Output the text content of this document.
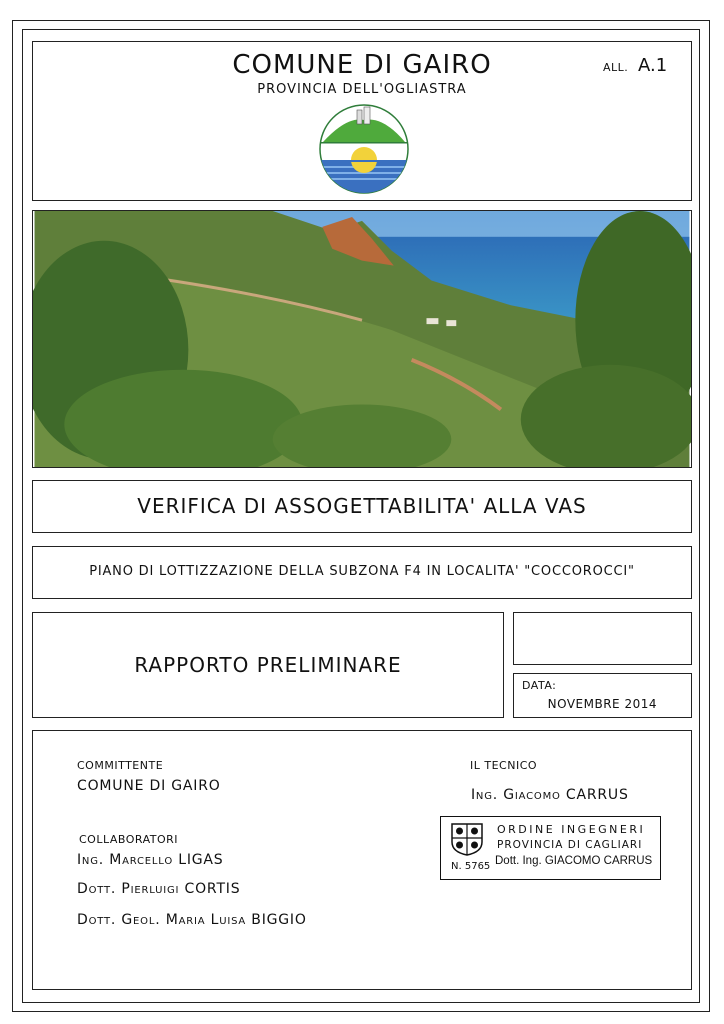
COMUNE DI GAIRO
PROVINCIA DELL'OGLIASTRA
ALL. A.1
VERIFICA DI ASSOGETTABILITA' ALLA VAS
PIANO DI LOTTIZZAZIONE DELLA SUBZONA F4 IN LOCALITA' "COCCOROCCI"
RAPPORTO PRELIMINARE
DATA:
NOVEMBRE 2014
COMMITTENTE
COMUNE DI GAIRO
COLLABORATORI
Ing. Marcello LIGAS
Dott. Pierluigi CORTIS
Dott. Geol. Maria Luisa BIGGIO
IL TECNICO
Ing. Giacomo CARRUS
N. 5765
ORDINE INGEGNERI
PROVINCIA DI CAGLIARI
Dott. Ing. GIACOMO CARRUS
